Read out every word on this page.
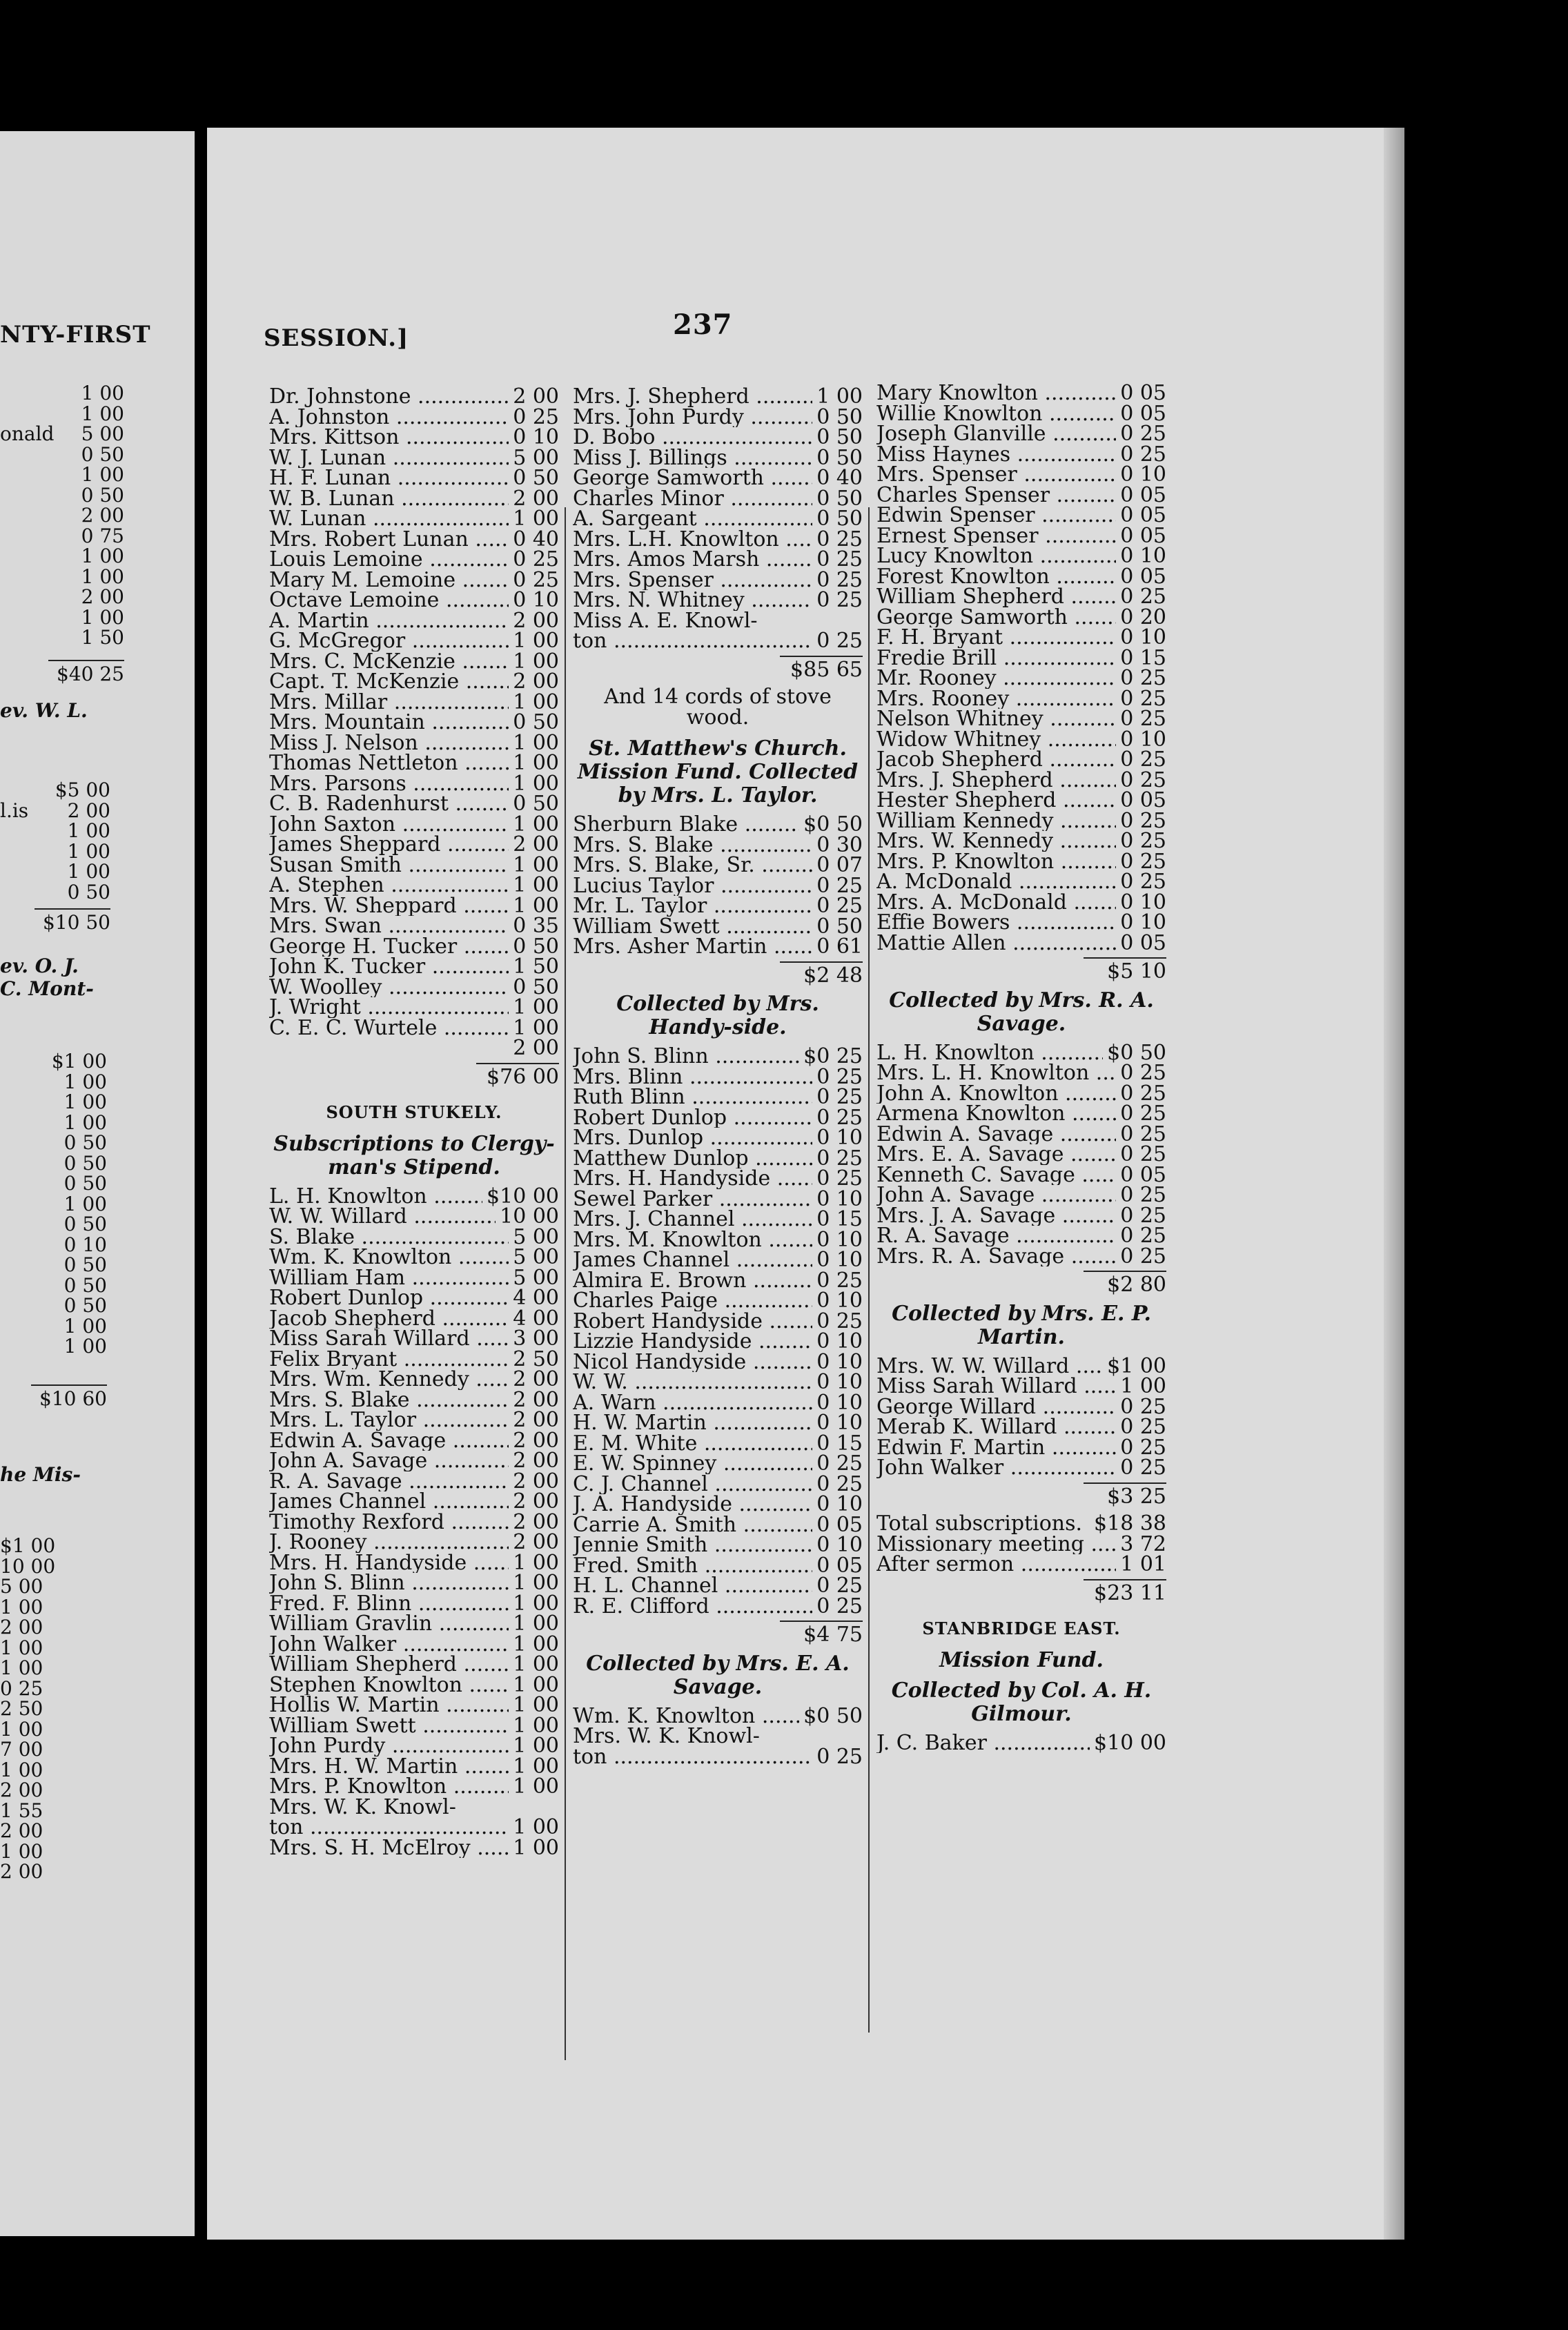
NTY-FIRST
1 00
1 00
onald 5 00
0 50
1 00
0 50
2 00
0 75
1 00
1 00
2 00
1 00
1 50
$40 25
ev. W. L.
$5 00
l.is 2 00
1 00
1 00
1 00
0 50
$10 50
ev. O. J.
C. Mont-
$1 00
1 00
1 00
1 00
0 50
0 50
0 50
1 00
0 50
0 10
0 50
0 50
0 50
1 00
1 00
$10 60
he Mis-
$1 00
10 00
5 00
1 00
2 00
1 00
1 00
0 25
2 50
1 00
7 00
1 00
2 00
1 55
2 00
1 00
2 00
SESSION.]	237
Dr. Johnstone .....	2 00
A. Johnston .....	0 25
Mrs. Kittson .....	0 10
W. J. Lunan .....	5 00
H. F. Lunan .....	0 50
W. B. Lunan .....	2 00
W. Lunan .....	1 00
Mrs. Robert Lunan .....	0 40
Louis Lemoine .....	0 25
Mary M. Lemoine .....	0 25
Octave Lemoine .....	0 10
A. Martin .....	2 00
G. McGregor .....	1 00
Mrs. C. McKenzie .....	1 00
Capt. T. McKenzie .....	2 00
Mrs. Millar .....	1 00
Mrs. Mountain .....	0 50
Miss J. Nelson .....	1 00
Thomas Nettleton .....	1 00
Mrs. Parsons .....	1 00
C. B. Radenhurst .....	0 50
John Saxton .....	1 00
James Sheppard .....	2 00
Susan Smith .....	1 00
A. Stephen .....	1 00
Mrs. W. Sheppard .....	1 00
Mrs. Swan .....	0 35
George H. Tucker .....	0 50
John K. Tucker .....	1 50
W. Woolley .....	0 50
J. Wright .....	1 00
C. E. C. Wurtele .....	1 00
2 00
$76 00
SOUTH STUKELY.
Subscriptions to Clergy-man's Stipend.
L. H. Knowlton .....	$10 00
W. W. Willard .....	10 00
S. Blake .....	5 00
Wm. K. Knowlton .....	5 00
William Ham .....	5 00
Robert Dunlop .....	4 00
Jacob Shepherd .....	4 00
Miss Sarah Willard .....	3 00
Felix Bryant .....	2 50
Mrs. Wm. Kennedy .....	2 00
Mrs. S. Blake .....	2 00
Mrs. L. Taylor .....	2 00
Edwin A. Savage .....	2 00
John A. Savage .....	2 00
R. A. Savage .....	2 00
James Channel .....	2 00
Timothy Rexford .....	2 00
J. Rooney .....	2 00
Mrs. H. Handyside .....	1 00
John S. Blinn .....	1 00
Fred. F. Blinn .....	1 00
William Gravlin .....	1 00
John Walker .....	1 00
William Shepherd .....	1 00
Stephen Knowlton .....	1 00
Hollis W. Martin .....	1 00
William Swett .....	1 00
John Purdy .....	1 00
Mrs. H. W. Martin .....	1 00
Mrs. P. Knowlton .....	1 00
Mrs. W. K. Knowl-
ton .....	1 00
Mrs. S. H. McElroy .....	1 00
Mrs. J. Shepherd .....	1 00
Mrs. John Purdy .....	0 50
D. Bobo .....	0 50
Miss J. Billings .....	0 50
George Samworth .....	0 40
Charles Minor .....	0 50
A. Sargeant .....	0 50
Mrs. L.H. Knowlton .....	0 25
Mrs. Amos Marsh .....	0 25
Mrs. Spenser .....	0 25
Mrs. N. Whitney .....	0 25
Miss A. E. Knowl-
ton .....	0 25
$85 65
And 14 cords of stove wood.
St. Matthew's Church. Mission Fund. Collected by Mrs. L. Taylor.
Sherburn Blake .....	$0 50
Mrs. S. Blake .....	0 30
Mrs. S. Blake, Sr. .....	0 07
Lucius Taylor .....	0 25
Mr. L. Taylor .....	0 25
William Swett .....	0 50
Mrs. Asher Martin .....	0 61
$2 48
Collected by Mrs. Handy-side.
John S. Blinn .....	$0 25
Mrs. Blinn .....	0 25
Ruth Blinn .....	0 25
Robert Dunlop .....	0 25
Mrs. Dunlop .....	0 10
Matthew Dunlop .....	0 25
Mrs. H. Handyside .....	0 25
Sewel Parker .....	0 10
Mrs. J. Channel .....	0 15
Mrs. M. Knowlton .....	0 10
James Channel .....	0 10
Almira E. Brown .....	0 25
Charles Paige .....	0 10
Robert Handyside .....	0 25
Lizzie Handyside .....	0 10
Nicol Handyside .....	0 10
W. W. .....	0 10
A. Warn .....	0 10
H. W. Martin .....	0 10
E. M. White .....	0 15
E. W. Spinney .....	0 25
C. J. Channel .....	0 25
J. A. Handyside .....	0 10
Carrie A. Smith .....	0 05
Jennie Smith .....	0 10
Fred. Smith .....	0 05
H. L. Channel .....	0 25
R. E. Clifford .....	0 25
$4 75
Collected by Mrs. E. A. Savage.
Wm. K. Knowlton .....	$0 50
Mrs. W. K. Knowl-
ton .....	0 25
Mary Knowlton .....	0 05
Willie Knowlton .....	0 05
Joseph Glanville .....	0 25
Miss Haynes .....	0 25
Mrs. Spenser .....	0 10
Charles Spenser .....	0 05
Edwin Spenser .....	0 05
Ernest Spenser .....	0 05
Lucy Knowlton .....	0 10
Forest Knowlton .....	0 05
William Shepherd .....	0 25
George Samworth .....	0 20
F. H. Bryant .....	0 10
Fredie Brill .....	0 15
Mr. Rooney .....	0 25
Mrs. Rooney .....	0 25
Nelson Whitney .....	0 25
Widow Whitney .....	0 10
Jacob Shepherd .....	0 25
Mrs. J. Shepherd .....	0 25
Hester Shepherd .....	0 05
William Kennedy .....	0 25
Mrs. W. Kennedy .....	0 25
Mrs. P. Knowlton .....	0 25
A. McDonald .....	0 25
Mrs. A. McDonald .....	0 10
Effie Bowers .....	0 10
Mattie Allen .....	0 05
$5 10
Collected by Mrs. R. A. Savage.
L. H. Knowlton .....	$0 50
Mrs. L. H. Knowlton .....	0 25
John A. Knowlton .....	0 25
Armena Knowlton .....	0 25
Edwin A. Savage .....	0 25
Mrs. E. A. Savage .....	0 25
Kenneth C. Savage .....	0 05
John A. Savage .....	0 25
Mrs. J. A. Savage .....	0 25
R. A. Savage .....	0 25
Mrs. R. A. Savage .....	0 25
$2 80
Collected by Mrs. E. P. Martin.
Mrs. W. W. Willard .....	$1 00
Miss Sarah Willard .....	1 00
George Willard .....	0 25
Merab K. Willard .....	0 25
Edwin F. Martin .....	0 25
John Walker .....	0 25
$3 25
Total subscriptions. ..... $18 38
Missionary meeting .....	3 72
After sermon .....	1 01
$23 11
STANBRIDGE EAST.
Mission Fund.
Collected by Col. A. H. Gilmour.
J. C. Baker .....	$10 00
